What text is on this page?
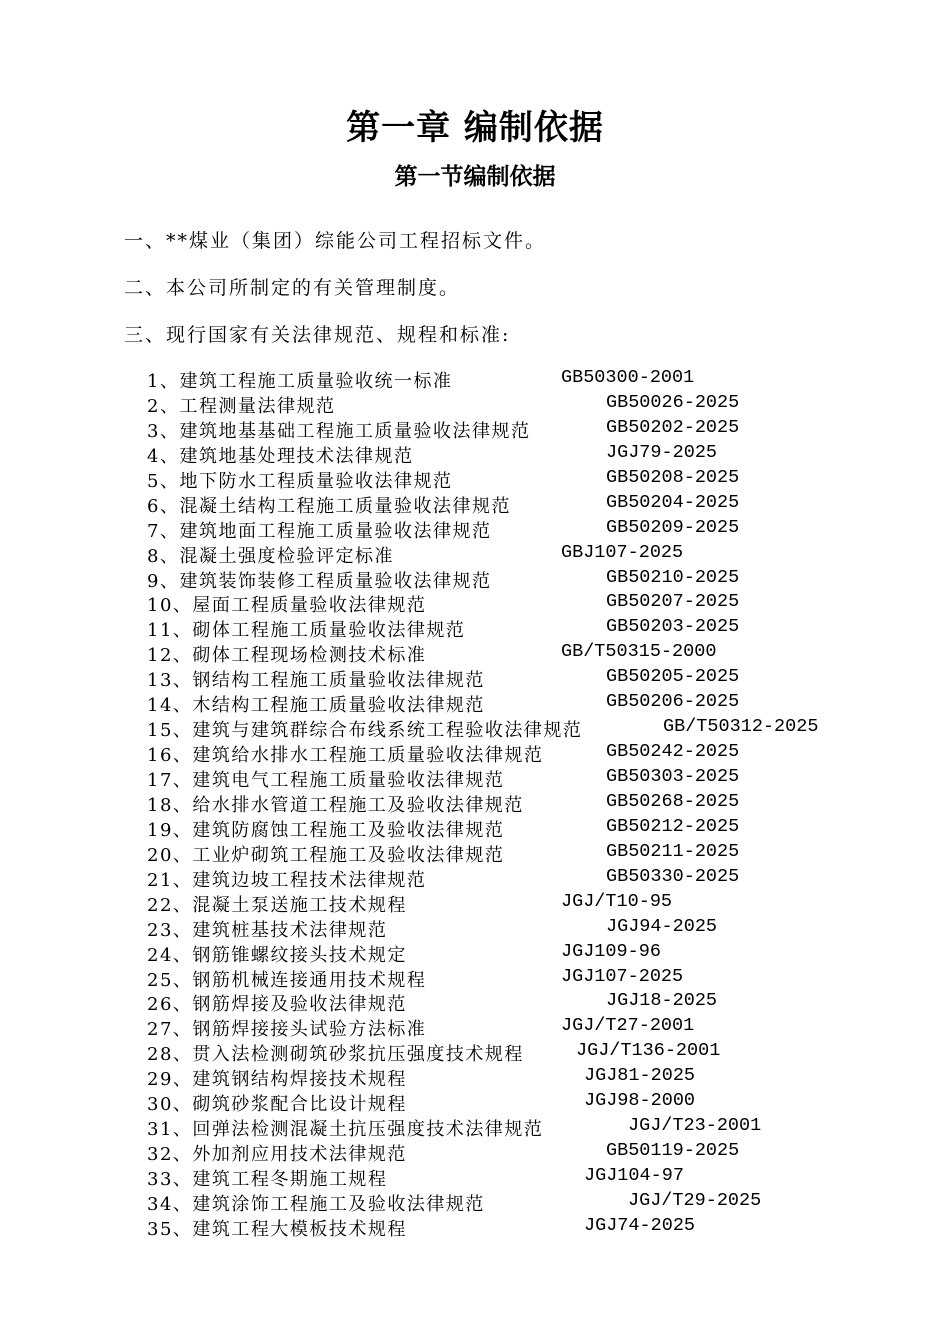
第一章 编制依据
第一节编制依据
一、**煤业（集团）综能公司工程招标文件。
二、本公司所制定的有关管理制度。
三、现行国家有关法律规范、规程和标准:
1、建筑工程施工质量验收统一标准	GB50300-2001
2、工程测量法律规范	GB50026-2025
3、建筑地基基础工程施工质量验收法律规范	GB50202-2025
4、建筑地基处理技术法律规范	JGJ79-2025
5、地下防水工程质量验收法律规范	GB50208-2025
6、混凝土结构工程施工质量验收法律规范	GB50204-2025
7、建筑地面工程施工质量验收法律规范	GB50209-2025
8、混凝土强度检验评定标准	GBJ107-2025
9、建筑装饰装修工程质量验收法律规范	GB50210-2025
10、屋面工程质量验收法律规范	GB50207-2025
11、砌体工程施工质量验收法律规范	GB50203-2025
12、砌体工程现场检测技术标准	GB/T50315-2000
13、钢结构工程施工质量验收法律规范	GB50205-2025
14、木结构工程施工质量验收法律规范	GB50206-2025
15、建筑与建筑群综合布线系统工程验收法律规范	GB/T50312-2025
16、建筑给水排水工程施工质量验收法律规范	GB50242-2025
17、建筑电气工程施工质量验收法律规范	GB50303-2025
18、给水排水管道工程施工及验收法律规范	GB50268-2025
19、建筑防腐蚀工程施工及验收法律规范	GB50212-2025
20、工业炉砌筑工程施工及验收法律规范	GB50211-2025
21、建筑边坡工程技术法律规范	GB50330-2025
22、混凝土泵送施工技术规程	JGJ/T10-95
23、建筑桩基技术法律规范	JGJ94-2025
24、钢筋锥螺纹接头技术规定	JGJ109-96
25、钢筋机械连接通用技术规程	JGJ107-2025
26、钢筋焊接及验收法律规范	JGJ18-2025
27、钢筋焊接接头试验方法标准	JGJ/T27-2001
28、贯入法检测砌筑砂浆抗压强度技术规程	JGJ/T136-2001
29、建筑钢结构焊接技术规程	JGJ81-2025
30、砌筑砂浆配合比设计规程	JGJ98-2000
31、回弹法检测混凝土抗压强度技术法律规范	JGJ/T23-2001
32、外加剂应用技术法律规范	GB50119-2025
33、建筑工程冬期施工规程	JGJ104-97
34、建筑涂饰工程施工及验收法律规范	JGJ/T29-2025
35、建筑工程大模板技术规程	JGJ74-2025
